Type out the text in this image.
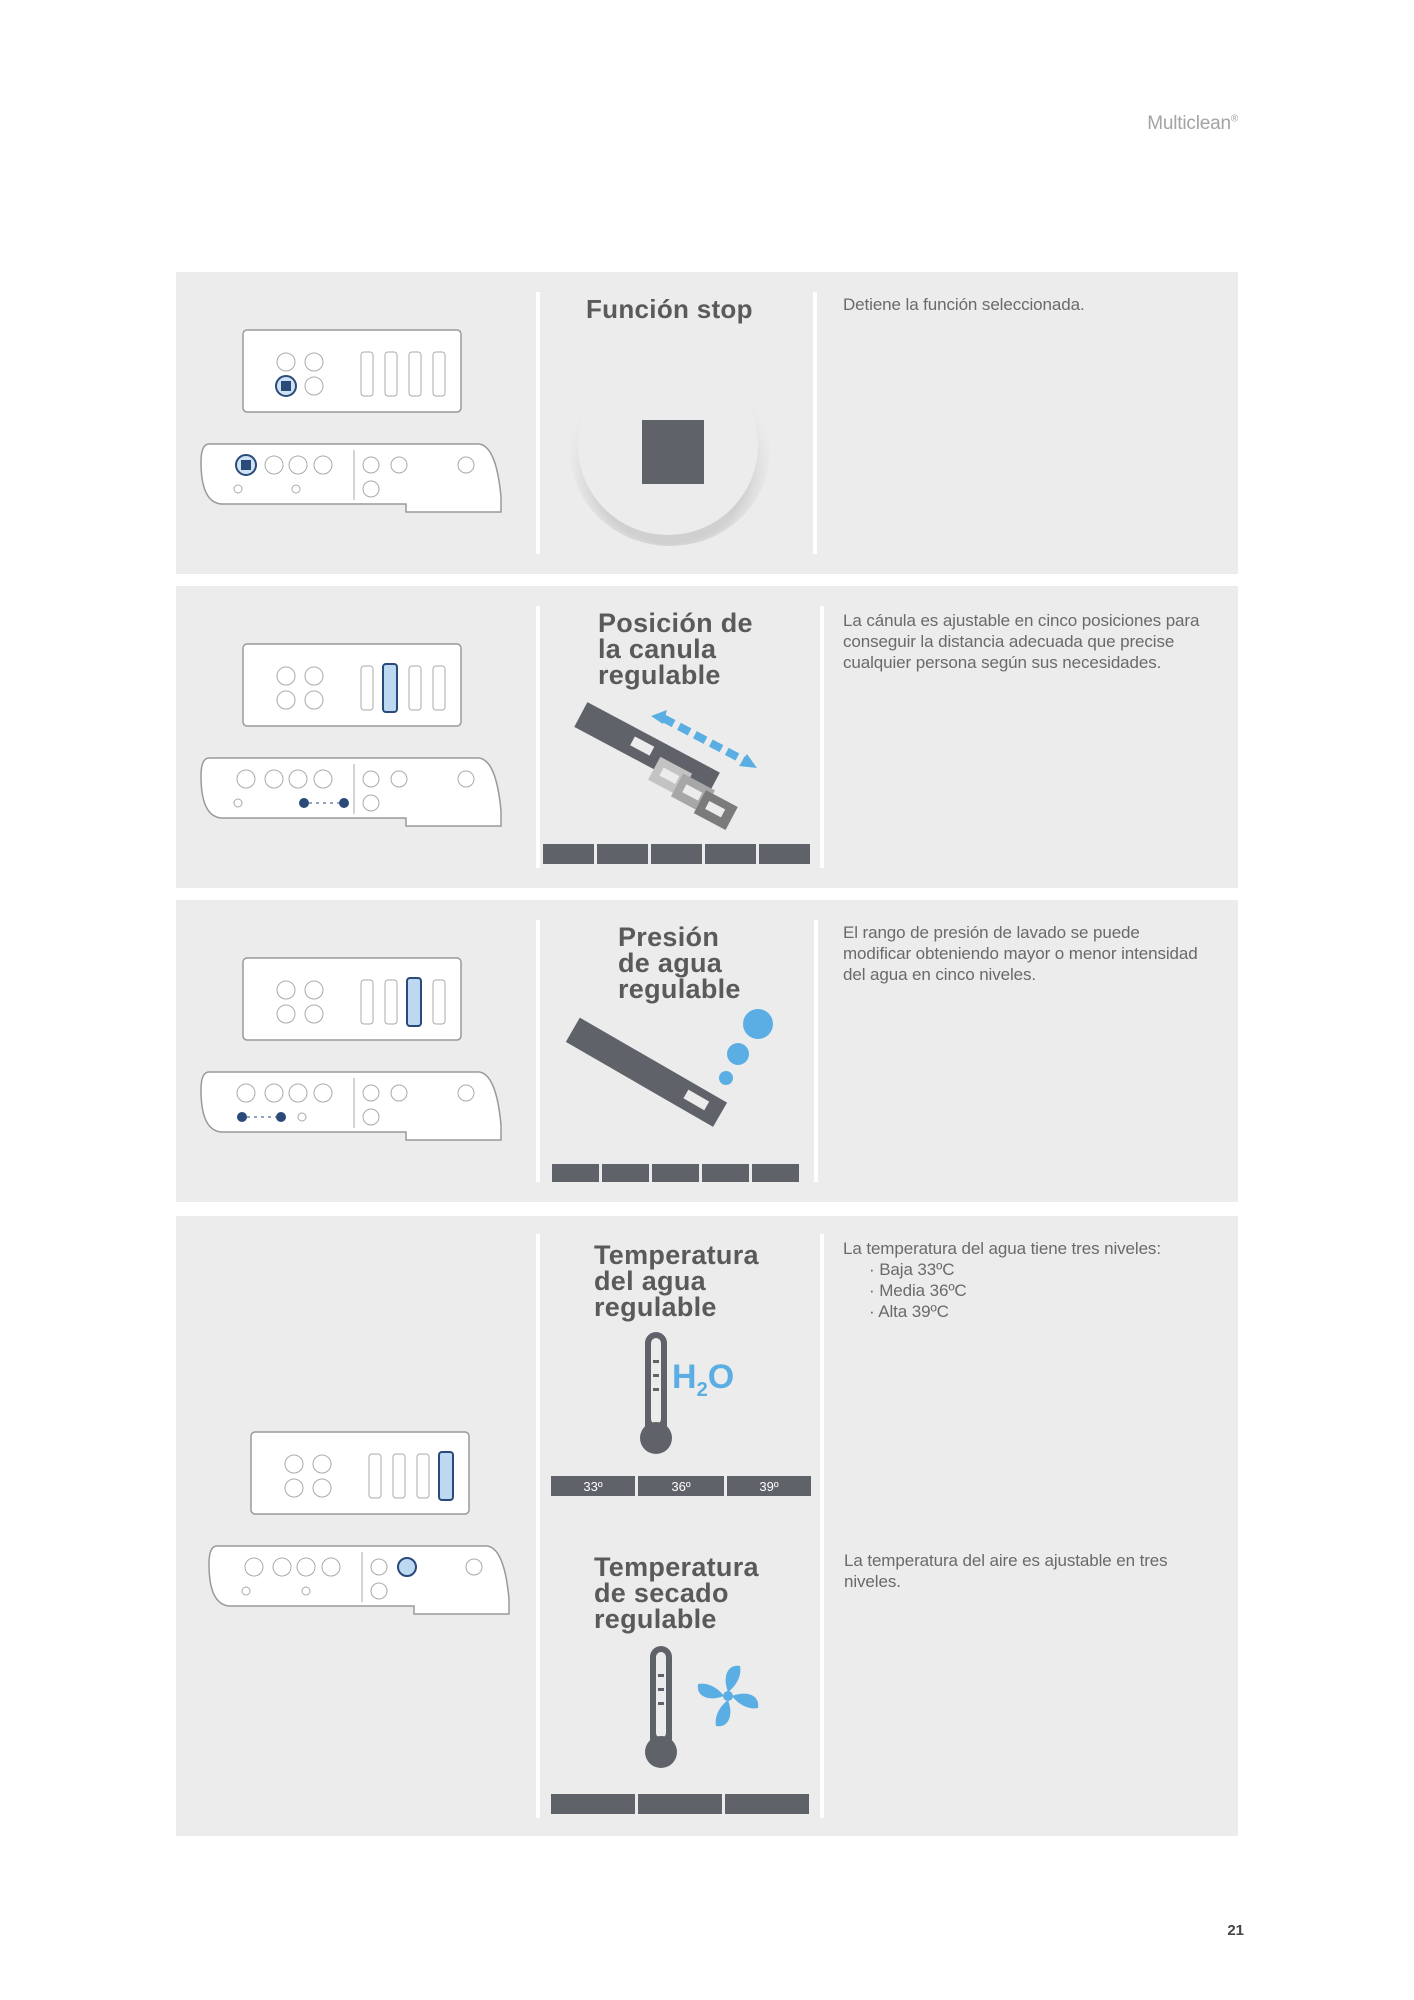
Multiclean®
Función stop	Detiene la función seleccionada.
Posición de
la canula
regulable
La cánula es ajustable en cinco posiciones para conseguir la distancia adecuada que precise cualquier persona según sus necesidades.
Presión
de agua
regulable
El rango de presión de lavado se puede modificar obteniendo mayor o menor intensidad del agua en cinco niveles.
Temperatura
del agua
regulable
$H_2O$
33º	36º	39º
La temperatura del agua tiene tres niveles:
· Baja 33ºC
· Media 36ºC
· Alta 39ºC
Temperatura
de secado
regulable
La temperatura del aire es ajustable en tres niveles.
21
